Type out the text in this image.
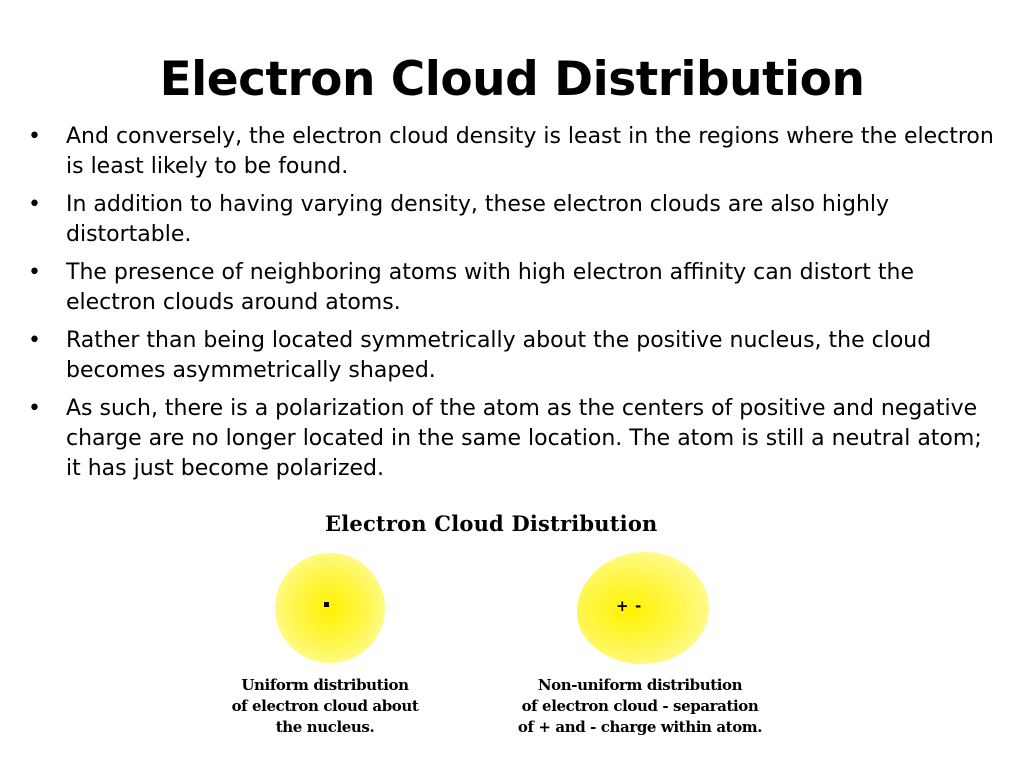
Electron Cloud Distribution
• And conversely, the electron cloud density is least in the regions where the electron is least likely to be found.
• In addition to having varying density, these electron clouds are also highly distortable.
• The presence of neighboring atoms with high electron affinity can distort the electron clouds around atoms.
• Rather than being located symmetrically about the positive nucleus, the cloud becomes asymmetrically shaped.
• As such, there is a polarization of the atom as the centers of positive and negative charge are no longer located in the same location. The atom is still a neutral atom; it has just become polarized.
Electron Cloud Distribution
+ -
Uniform distribution
of electron cloud about
the nucleus.
Non-uniform distribution
of electron cloud - separation
of + and - charge within atom.
